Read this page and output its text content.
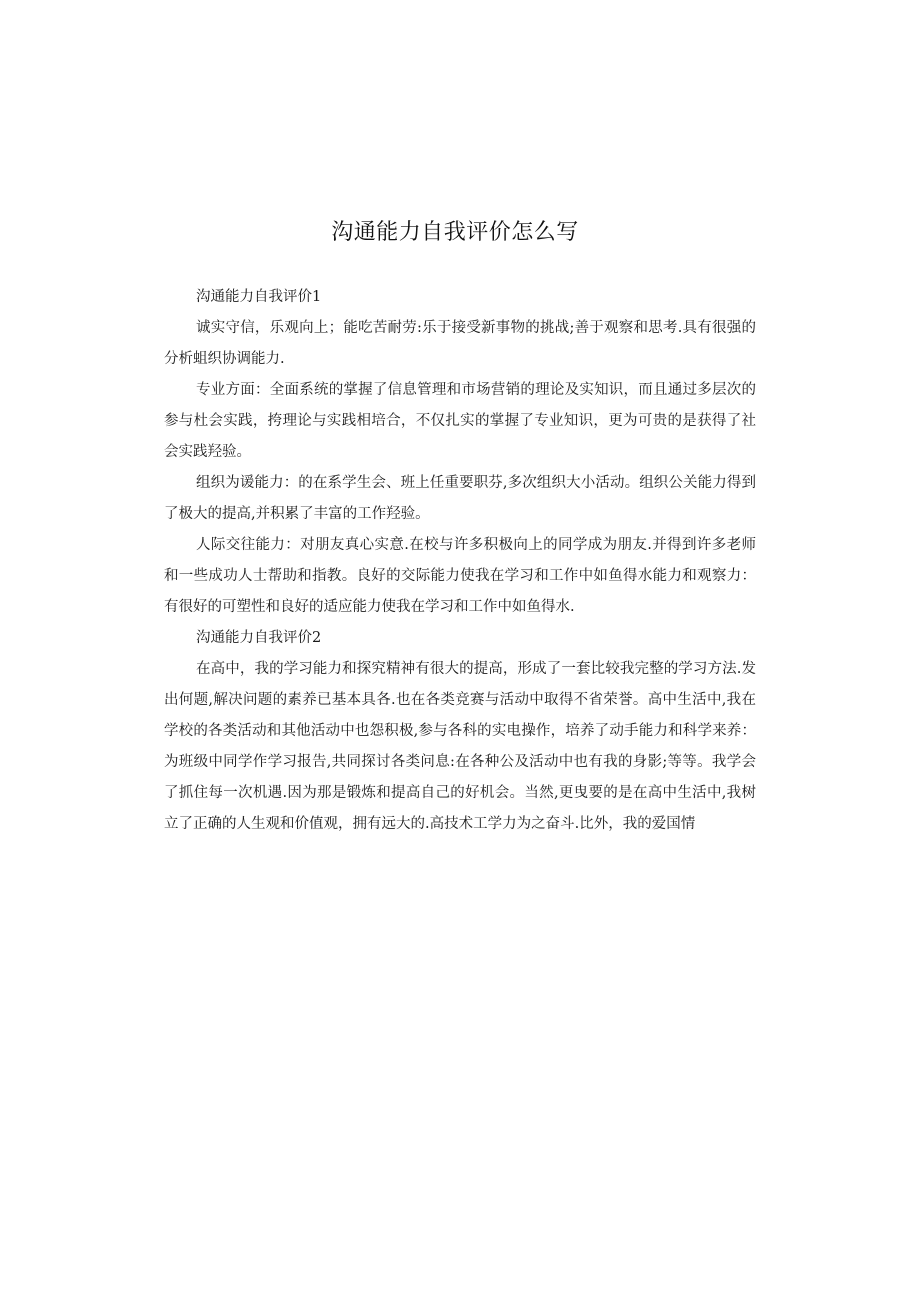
沟通能力自我评价怎么写

沟通能力自我评价1

诚实守信，乐观向上；能吃苦耐劳:乐于接受新事物的挑战;善于观察和思考.具有很强的分析蛆织协调能力.

专业方面：全面系统的掌握了信息管理和市场营销的理论及实知识，而且通过多层次的参与杜会实践，挎理论与实践相培合，不仅扎实的掌握了专业知识，更为可贵的是获得了社会实践羟验。

组织为谖能力：的在系学生会、班上任重要职芬,多次组织大小活动。组织公关能力得到了极大的提高,并积累了丰富的工作羟验。

人际交往能力：对朋友真心实意.在校与许多积极向上的同学成为朋友.并得到许多老师和一些成功人士帮助和指教。良好的交际能力使我在学习和工作中如鱼得水能力和观察力：有很好的可塑性和良好的适应能力使我在学习和工作中如鱼得水.

沟通能力自我评价2

在高中，我的学习能力和探究精神有很大的提高，形成了一套比较我完整的学习方法.发出何题,解决问题的素养已基本具各.也在各类竞赛与活动中取得不省荣誉。高中生活中,我在学校的各类活动和其他活动中也怨积极,参与各科的实电操作，培养了动手能力和科学来养：为班级中同学作学习报告,共同探讨各类问息:在各种公及活动中也有我的身影;等等。我学会了抓住每一次机遇.因为那是锻炼和提高自己的好机会。当然,更曳要的是在高中生活中,我树立了正确的人生观和价值观，拥有远大的.高技术工学力为之奋斗.比外，我的爱国情
